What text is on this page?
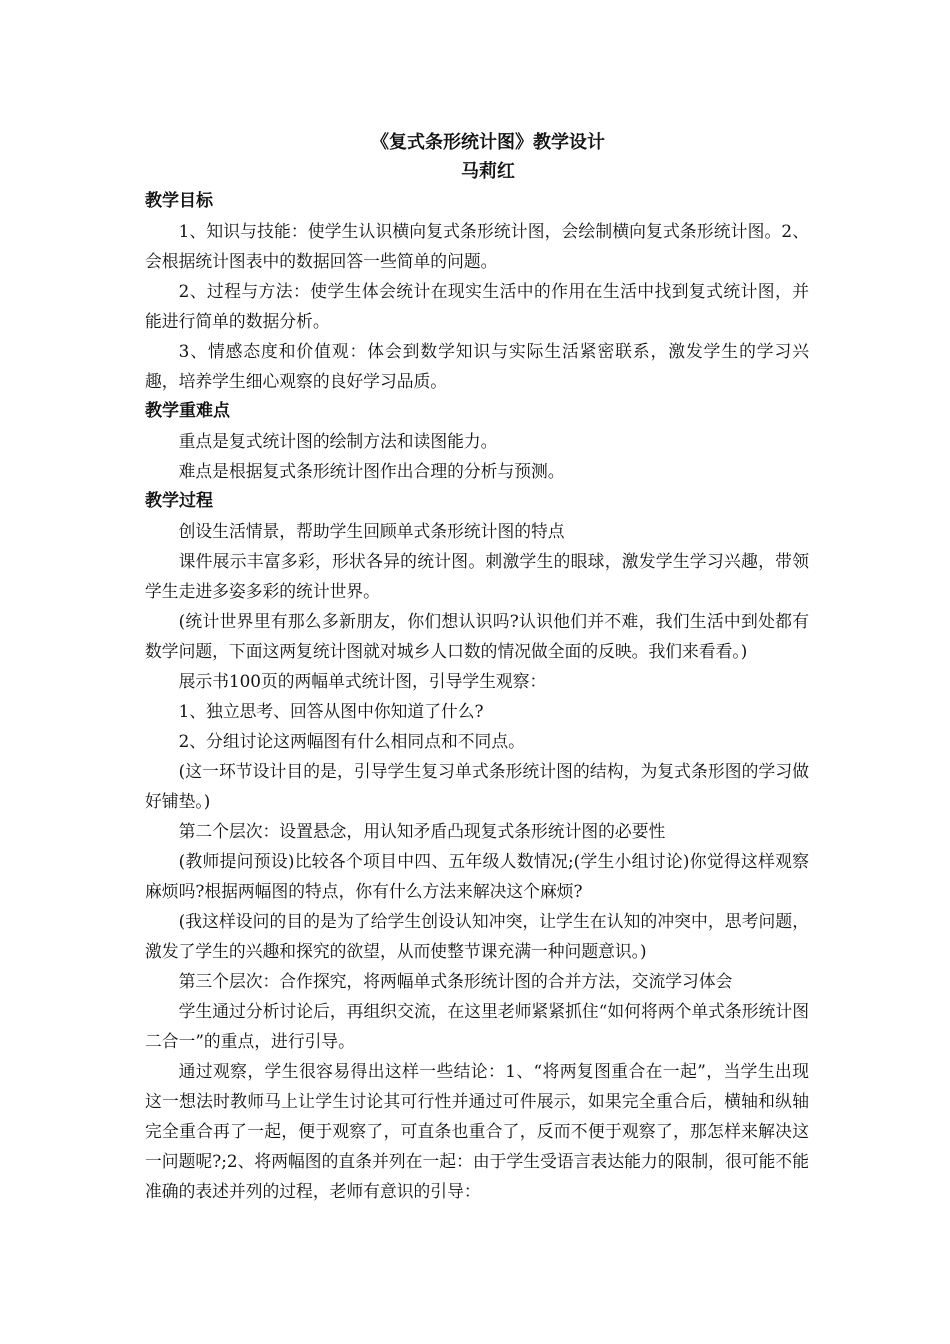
《复式条形统计图》教学设计

马莉红

教学目标

1、知识与技能：使学生认识横向复式条形统计图，会绘制横向复式条形统计图。2、会根据统计图表中的数据回答一些简单的问题。

2、过程与方法：使学生体会统计在现实生活中的作用在生活中找到复式统计图，并能进行简单的数据分析。

3、情感态度和价值观：体会到数学知识与实际生活紧密联系，激发学生的学习兴趣，培养学生细心观察的良好学习品质。

教学重难点

重点是复式统计图的绘制方法和读图能力。

难点是根据复式条形统计图作出合理的分析与预测。

教学过程

创设生活情景，帮助学生回顾单式条形统计图的特点

课件展示丰富多彩，形状各异的统计图。刺激学生的眼球，激发学生学习兴趣，带领学生走进多姿多彩的统计世界。

(统计世界里有那么多新朋友，你们想认识吗?认识他们并不难，我们生活中到处都有数学问题，下面这两复统计图就对城乡人口数的情况做全面的反映。我们来看看。)

展示书100页的两幅单式统计图，引导学生观察：

1、独立思考、回答从图中你知道了什么?

2、分组讨论这两幅图有什么相同点和不同点。

(这一环节设计目的是，引导学生复习单式条形统计图的结构，为复式条形图的学习做好铺垫。)

第二个层次：设置悬念，用认知矛盾凸现复式条形统计图的必要性

(教师提问预设)比较各个项目中四、五年级人数情况;(学生小组讨论)你觉得这样观察麻烦吗?根据两幅图的特点，你有什么方法来解决这个麻烦?

(我这样设问的目的是为了给学生创设认知冲突，让学生在认知的冲突中，思考问题，激发了学生的兴趣和探究的欲望，从而使整节课充满一种问题意识。)

第三个层次：合作探究，将两幅单式条形统计图的合并方法，交流学习体会

学生通过分析讨论后，再组织交流，在这里老师紧紧抓住“如何将两个单式条形统计图二合一”的重点，进行引导。

通过观察，学生很容易得出这样一些结论：1、“将两复图重合在一起”，当学生出现这一想法时教师马上让学生讨论其可行性并通过可件展示，如果完全重合后，横轴和纵轴完全重合再了一起，便于观察了，可直条也重合了，反而不便于观察了，那怎样来解决这一问题呢?;2、将两幅图的直条并列在一起：由于学生受语言表达能力的限制，很可能不能准确的表述并列的过程，老师有意识的引导：
